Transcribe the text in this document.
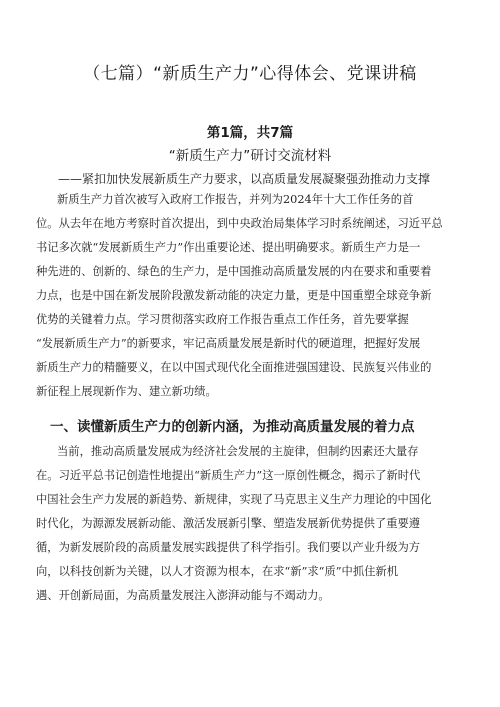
（七篇）“新质生产力”心得体会、党课讲稿
第1篇，共7篇
“新质生产力”研讨交流材料
——紧扣加快发展新质生产力要求，以高质量发展凝聚强劲推动力支撑
新质生产力首次被写入政府工作报告，并列为2024年十大工作任务的首
位。从去年在地方考察时首次提出，到中央政治局集体学习时系统阐述，习近平总
书记多次就“发展新质生产力”作出重要论述、提出明确要求。新质生产力是一
种先进的、创新的、绿色的生产力，是中国推动高质量发展的内在要求和重要着
力点，也是中国在新发展阶段激发新动能的决定力量，更是中国重塑全球竞争新
优势的关键着力点。学习贯彻落实政府工作报告重点工作任务，首先要掌握
“发展新质生产力”的新要求，牢记高质量发展是新时代的硬道理，把握好发展
新质生产力的精髓要义，在以中国式现代化全面推进强国建设、民族复兴伟业的
新征程上展现新作为、建立新功绩。
一、读懂新质生产力的创新内涵，为推动高质量发展的着力点
当前，推动高质量发展成为经济社会发展的主旋律，但制约因素还大量存
在。习近平总书记创造性地提出“新质生产力”这一原创性概念，揭示了新时代
中国社会生产力发展的新趋势、新规律，实现了马克思主义生产力理论的中国化
时代化，为源源发展新动能、激活发展新引擎、塑造发展新优势提供了重要遵
循，为新发展阶段的高质量发展实践提供了科学指引。我们要以产业升级为方
向，以科技创新为关键，以人才资源为根本，在求“新”求“质”中抓住新机
遇、开创新局面，为高质量发展注入澎湃动能与不竭动力。
